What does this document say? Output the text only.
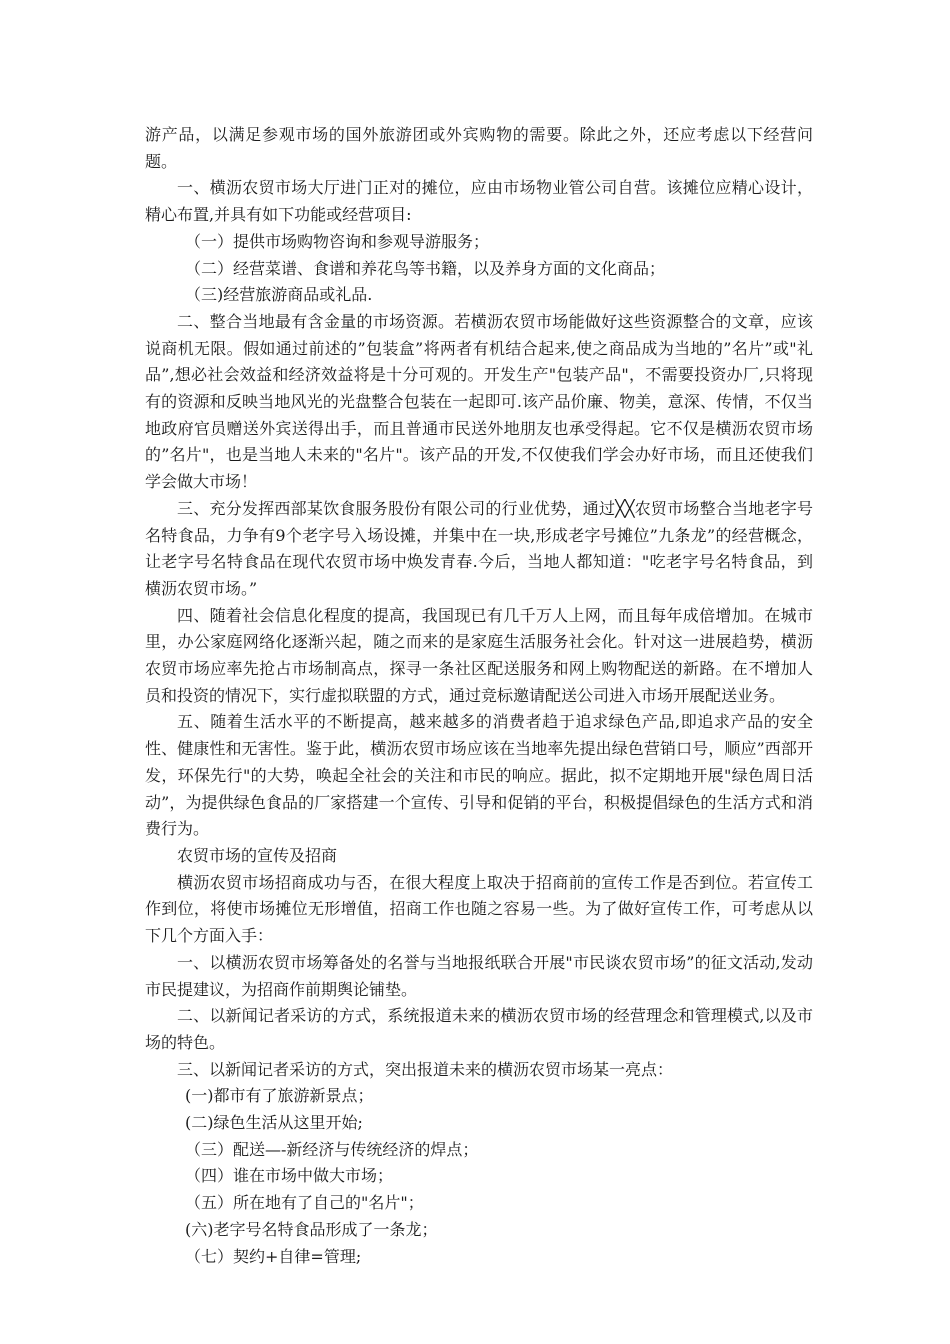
游产品，以满足参观市场的国外旅游团或外宾购物的需要。除此之外，还应考虑以下经营问题。

一、横沥农贸市场大厅进门正对的摊位，应由市场物业管公司自营。该摊位应精心设计，精心布置,并具有如下功能或经营项目:

（一）提供市场购物咨询和参观导游服务；

（二）经营菜谱、食谱和养花鸟等书籍，以及养身方面的文化商品；

（三)经营旅游商品或礼品.

二、整合当地最有含金量的市场资源。若横沥农贸市场能做好这些资源整合的文章，应该说商机无限。假如通过前述的”包装盒”将两者有机结合起来,使之商品成为当地的”名片”或"礼品”,想必社会效益和经济效益将是十分可观的。开发生产"包装产品"，不需要投资办厂,只将现有的资源和反映当地风光的光盘整合包装在一起即可.该产品价廉、物美，意深、传情，不仅当地政府官员赠送外宾送得出手，而且普通市民送外地朋友也承受得起。它不仅是横沥农贸市场的”名片"，也是当地人未来的"名片"。该产品的开发,不仅使我们学会办好市场，而且还使我们学会做大市场！

三、充分发挥西部某饮食服务股份有限公司的行业优势，通过╳╳农贸市场整合当地老字号名特食品，力争有9个老字号入场设摊，并集中在一块,形成老字号摊位”九条龙”的经营概念，让老字号名特食品在现代农贸市场中焕发青春.今后，当地人都知道："吃老字号名特食品，到横沥农贸市场。”

四、随着社会信息化程度的提高，我国现已有几千万人上网，而且每年成倍增加。在城市里，办公家庭网络化逐渐兴起，随之而来的是家庭生活服务社会化。针对这一进展趋势，横沥农贸市场应率先抢占市场制高点，探寻一条社区配送服务和网上购物配送的新路。在不增加人员和投资的情况下，实行虚拟联盟的方式，通过竞标邀请配送公司进入市场开展配送业务。

五、随着生活水平的不断提高，越来越多的消费者趋于追求绿色产品,即追求产品的安全性、健康性和无害性。鉴于此，横沥农贸市场应该在当地率先提出绿色营销口号，顺应”西部开发，环保先行"的大势，唤起全社会的关注和市民的响应。据此，拟不定期地开展"绿色周日活动”，为提供绿色食品的厂家搭建一个宣传、引导和促销的平台，积极提倡绿色的生活方式和消费行为。

农贸市场的宣传及招商

横沥农贸市场招商成功与否，在很大程度上取决于招商前的宣传工作是否到位。若宣传工作到位，将使市场摊位无形增值，招商工作也随之容易一些。为了做好宣传工作，可考虑从以下几个方面入手：

一、以横沥农贸市场筹备处的名誉与当地报纸联合开展"市民谈农贸市场”的征文活动,发动市民提建议，为招商作前期舆论铺垫。

二、以新闻记者采访的方式，系统报道未来的横沥农贸市场的经营理念和管理模式,以及市场的特色。

三、以新闻记者采访的方式，突出报道未来的横沥农贸市场某一亮点：

(一)都市有了旅游新景点；

(二)绿色生活从这里开始;

（三）配送—-新经济与传统经济的焊点；

（四）谁在市场中做大市场；

（五）所在地有了自己的"名片"；

(六)老字号名特食品形成了一条龙；

（七）契约+自律=管理;
